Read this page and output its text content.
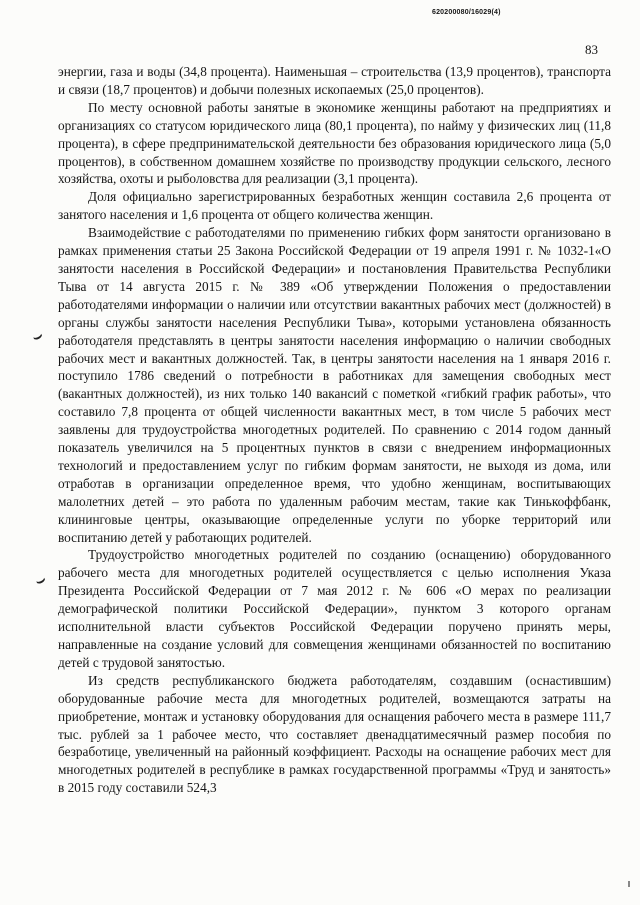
620200080/16029(4)
83
⌣
⌣

энергии, газа и воды (34,8 процента). Наименьшая – строительства (13,9 процентов), транспорта и связи (18,7 процентов) и добычи полезных ископаемых (25,0 процентов).

По месту основной работы занятые в экономике женщины работают на предприятиях и организациях со статусом юридического лица (80,1 процента), по найму у физических лиц (11,8 процента), в сфере предпринимательской деятельности без образования юридического лица (5,0 процентов), в собственном домашнем хозяйстве по производству продукции сельского, лесного хозяйства, охоты и рыболовства для реализации (3,1 процента).

Доля официально зарегистрированных безработных женщин составила 2,6 процента от занятого населения и 1,6 процента от общего количества женщин.

Взаимодействие с работодателями по применению гибких форм занятости организовано в рамках применения статьи 25 Закона Российской Федерации от 19 апреля 1991 г. № 1032-1«О занятости населения в Российской Федерации» и постановления Правительства Республики Тыва от 14 августа 2015 г. № 389 «Об утверждении Положения о предоставлении работодателями информации о наличии или отсутствии вакантных рабочих мест (должностей) в органы службы занятости населения Республики Тыва», которыми установлена обязанность работодателя представлять в центры занятости населения информацию о наличии свободных рабочих мест и вакантных должностей. Так, в центры занятости населения на 1 января 2016 г. поступило 1786 сведений о потребности в работниках для замещения свободных мест (вакантных должностей), из них только 140 вакансий с пометкой «гибкий график работы», что составило 7,8 процента от общей численности вакантных мест, в том числе 5 рабочих мест заявлены для трудоустройства многодетных родителей. По сравнению с 2014 годом данный показатель увеличился на 5 процентных пунктов в связи с внедрением информационных технологий и предоставлением услуг по гибким формам занятости, не выходя из дома, или отработав в организации определенное время, что удобно женщинам, воспитывающих малолетних детей – это работа по удаленным рабочим местам, такие как Тинькоффбанк, клининговые центры, оказывающие определенные услуги по уборке территорий или воспитанию детей у работающих родителей.

Трудоустройство многодетных родителей по созданию (оснащению) оборудованного рабочего места для многодетных родителей осуществляется с целью исполнения Указа Президента Российской Федерации от 7 мая 2012 г. № 606 «О мерах по реализации демографической политики Российской Федерации», пунктом 3 которого органам исполнительной власти субъектов Российской Федерации поручено принять меры, направленные на создание условий для совмещения женщинами обязанностей по воспитанию детей с трудовой занятостью.

Из средств республиканского бюджета работодателям, создавшим (оснастившим) оборудованные рабочие места для многодетных родителей, возмещаются затраты на приобретение, монтаж и установку оборудования для оснащения рабочего места в размере 111,7 тыс. рублей за 1 рабочее место, что составляет двенадцатимесячный размер пособия по безработице, увеличенный на районный коэффициент. Расходы на оснащение рабочих мест для многодетных родителей в республике в рамках государственной программы «Труд и занятость» в 2015 году составили 524,3
